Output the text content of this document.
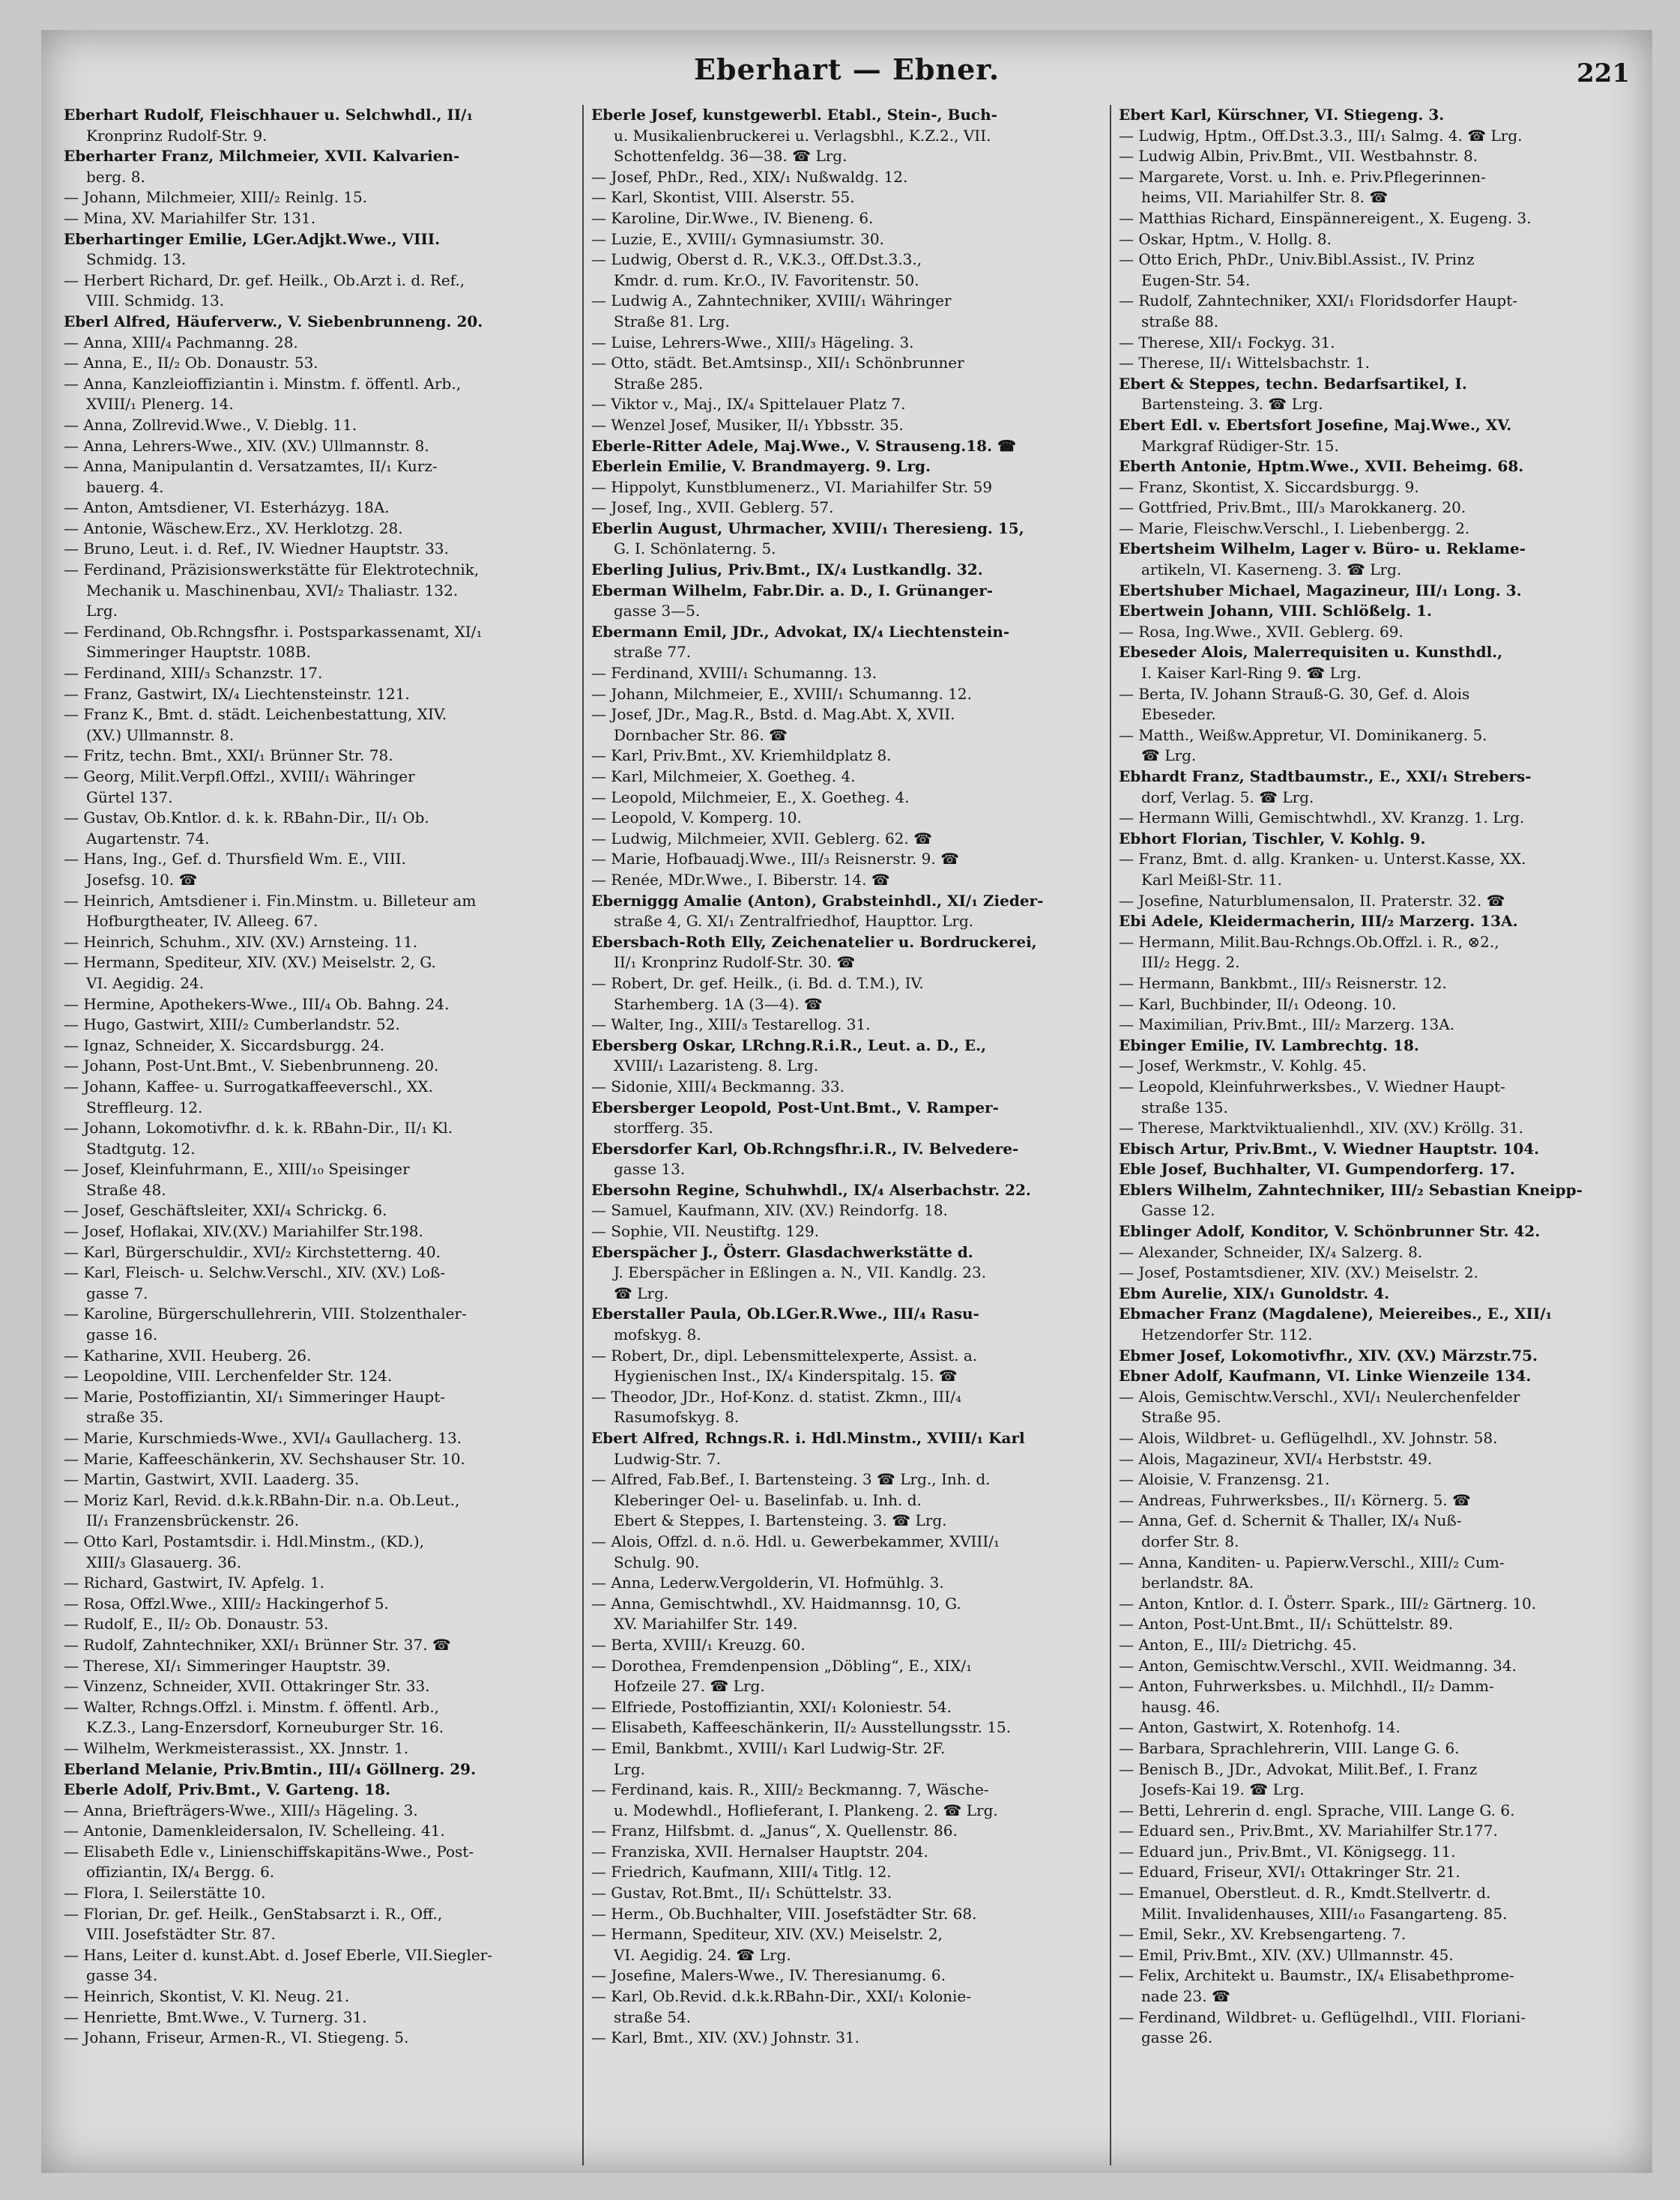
Eberhart — Ebner.	221
Eberhart Rudolf, Fleischhauer u. Selchwhdl., II/₁
Kronprinz Rudolf-Str. 9.
Eberharter Franz, Milchmeier, XVII. Kalvarien-
berg. 8.
— Johann, Milchmeier, XIII/₂ Reinlg. 15.
— Mina, XV. Mariahilfer Str. 131.
Eberhartinger Emilie, LGer.Adjkt.Wwe., VIII.
Schmidg. 13.
— Herbert Richard, Dr. gef. Heilk., Ob.Arzt i. d. Ref.,
VIII. Schmidg. 13.
Eberl Alfred, Häuferverw., V. Siebenbrunneng. 20.
— Anna, XIII/₄ Pachmanng. 28.
— Anna, E., II/₂ Ob. Donaustr. 53.
— Anna, Kanzleioffiziantin i. Minstm. f. öffentl. Arb.,
XVIII/₁ Plenerg. 14.
— Anna, Zollrevid.Wwe., V. Dieblg. 11.
— Anna, Lehrers-Wwe., XIV. (XV.) Ullmannstr. 8.
— Anna, Manipulantin d. Versatzamtes, II/₁ Kurz-
bauerg. 4.
— Anton, Amtsdiener, VI. Esterházyg. 18A.
— Antonie, Wäschew.Erz., XV. Herklotzg. 28.
— Bruno, Leut. i. d. Ref., IV. Wiedner Hauptstr. 33.
— Ferdinand, Präzisionswerkstätte für Elektrotechnik,
Mechanik u. Maschinenbau, XVI/₂ Thaliastr. 132.
Lrg.
— Ferdinand, Ob.Rchngsfhr. i. Postsparkassenamt, XI/₁
Simmeringer Hauptstr. 108B.
— Ferdinand, XIII/₃ Schanzstr. 17.
— Franz, Gastwirt, IX/₄ Liechtensteinstr. 121.
— Franz K., Bmt. d. städt. Leichenbestattung, XIV.
(XV.) Ullmannstr. 8.
— Fritz, techn. Bmt., XXI/₁ Brünner Str. 78.
— Georg, Milit.Verpfl.Offzl., XVIII/₁ Währinger
Gürtel 137.
— Gustav, Ob.Kntlor. d. k. k. RBahn-Dir., II/₁ Ob.
Augartenstr. 74.
— Hans, Ing., Gef. d. Thursfield Wm. E., VIII.
Josefsg. 10. ☎
— Heinrich, Amtsdiener i. Fin.Minstm. u. Billeteur am
Hofburgtheater, IV. Alleeg. 67.
— Heinrich, Schuhm., XIV. (XV.) Arnsteing. 11.
— Hermann, Spediteur, XIV. (XV.) Meiselstr. 2, G.
VI. Aegidig. 24.
— Hermine, Apothekers-Wwe., III/₄ Ob. Bahng. 24.
— Hugo, Gastwirt, XIII/₂ Cumberlandstr. 52.
— Ignaz, Schneider, X. Siccardsburgg. 24.
— Johann, Post-Unt.Bmt., V. Siebenbrunneng. 20.
— Johann, Kaffee- u. Surrogatkaffeeverschl., XX.
Streffleurg. 12.
— Johann, Lokomotivfhr. d. k. k. RBahn-Dir., II/₁ Kl.
Stadtgutg. 12.
— Josef, Kleinfuhrmann, E., XIII/₁₀ Speisinger
Straße 48.
— Josef, Geschäftsleiter, XXI/₄ Schrickg. 6.
— Josef, Hoflakai, XIV.(XV.) Mariahilfer Str.198.
— Karl, Bürgerschuldir., XVI/₂ Kirchstetterng. 40.
— Karl, Fleisch- u. Selchw.Verschl., XIV. (XV.) Loß-
gasse 7.
— Karoline, Bürgerschullehrerin, VIII. Stolzenthaler-
gasse 16.
— Katharine, XVII. Heuberg. 26.
— Leopoldine, VIII. Lerchenfelder Str. 124.
— Marie, Postoffiziantin, XI/₁ Simmeringer Haupt-
straße 35.
— Marie, Kurschmieds-Wwe., XVI/₄ Gaullacherg. 13.
— Marie, Kaffeeschänkerin, XV. Sechshauser Str. 10.
— Martin, Gastwirt, XVII. Laaderg. 35.
— Moriz Karl, Revid. d.k.k.RBahn-Dir. n.a. Ob.Leut.,
II/₁ Franzensbrückenstr. 26.
— Otto Karl, Postamtsdir. i. Hdl.Minstm., (KD.),
XIII/₃ Glasauerg. 36.
— Richard, Gastwirt, IV. Apfelg. 1.
— Rosa, Offzl.Wwe., XIII/₂ Hackingerhof 5.
— Rudolf, E., II/₂ Ob. Donaustr. 53.
— Rudolf, Zahntechniker, XXI/₁ Brünner Str. 37. ☎
— Therese, XI/₁ Simmeringer Hauptstr. 39.
— Vinzenz, Schneider, XVII. Ottakringer Str. 33.
— Walter, Rchngs.Offzl. i. Minstm. f. öffentl. Arb.,
K.Z.3., Lang-Enzersdorf, Korneuburger Str. 16.
— Wilhelm, Werkmeisterassist., XX. Jnnstr. 1.
Eberland Melanie, Priv.Bmtin., III/₄ Göllnerg. 29.
Eberle Adolf, Priv.Bmt., V. Garteng. 18.
— Anna, Briefträgers-Wwe., XIII/₃ Hägeling. 3.
— Antonie, Damenkleidersalon, IV. Schelleing. 41.
— Elisabeth Edle v., Linienschiffskapitäns-Wwe., Post-
offiziantin, IX/₄ Bergg. 6.
— Flora, I. Seilerstätte 10.
— Florian, Dr. gef. Heilk., GenStabsarzt i. R., Off.,
VIII. Josefstädter Str. 87.
— Hans, Leiter d. kunst.Abt. d. Josef Eberle, VII.Siegler-
gasse 34.
— Heinrich, Skontist, V. Kl. Neug. 21.
— Henriette, Bmt.Wwe., V. Turnerg. 31.
— Johann, Friseur, Armen-R., VI. Stiegeng. 5.
Eberle Josef, kunstgewerbl. Etabl., Stein-, Buch-
u. Musikalienbruckerei u. Verlagsbhl., K.Z.2., VII.
Schottenfeldg. 36—38. ☎ Lrg.
— Josef, PhDr., Red., XIX/₁ Nußwaldg. 12.
— Karl, Skontist, VIII. Alserstr. 55.
— Karoline, Dir.Wwe., IV. Bieneng. 6.
— Luzie, E., XVIII/₁ Gymnasiumstr. 30.
— Ludwig, Oberst d. R., V.K.3., Off.Dst.3.3.,
Kmdr. d. rum. Kr.O., IV. Favoritenstr. 50.
— Ludwig A., Zahntechniker, XVIII/₁ Währinger
Straße 81. Lrg.
— Luise, Lehrers-Wwe., XIII/₃ Hägeling. 3.
— Otto, städt. Bet.Amtsinsp., XII/₁ Schönbrunner
Straße 285.
— Viktor v., Maj., IX/₄ Spittelauer Platz 7.
— Wenzel Josef, Musiker, II/₁ Ybbsstr. 35.
Eberle-Ritter Adele, Maj.Wwe., V. Strauseng.18. ☎
Eberlein Emilie, V. Brandmayerg. 9. Lrg.
— Hippolyt, Kunstblumenerz., VI. Mariahilfer Str. 59
— Josef, Ing., XVII. Geblerg. 57.
Eberlin August, Uhrmacher, XVIII/₁ Theresieng. 15,
G. I. Schönlaterng. 5.
Eberling Julius, Priv.Bmt., IX/₄ Lustkandlg. 32.
Eberman Wilhelm, Fabr.Dir. a. D., I. Grünanger-
gasse 3—5.
Ebermann Emil, JDr., Advokat, IX/₄ Liechtenstein-
straße 77.
— Ferdinand, XVIII/₁ Schumanng. 13.
— Johann, Milchmeier, E., XVIII/₁ Schumanng. 12.
— Josef, JDr., Mag.R., Bstd. d. Mag.Abt. X, XVII.
Dornbacher Str. 86. ☎
— Karl, Priv.Bmt., XV. Kriemhildplatz 8.
— Karl, Milchmeier, X. Goetheg. 4.
— Leopold, Milchmeier, E., X. Goetheg. 4.
— Leopold, V. Komperg. 10.
— Ludwig, Milchmeier, XVII. Geblerg. 62. ☎
— Marie, Hofbauadj.Wwe., III/₃ Reisnerstr. 9. ☎
— Renée, MDr.Wwe., I. Biberstr. 14. ☎
Eberniggg Amalie (Anton), Grabsteinhdl., XI/₁ Zieder-
straße 4, G. XI/₁ Zentralfriedhof, Haupttor. Lrg.
Ebersbach-Roth Elly, Zeichenatelier u. Bordruckerei,
II/₁ Kronprinz Rudolf-Str. 30. ☎
— Robert, Dr. gef. Heilk., (i. Bd. d. T.M.), IV.
Starhemberg. 1A (3—4). ☎
— Walter, Ing., XIII/₃ Testarellog. 31.
Ebersberg Oskar, LRchng.R.i.R., Leut. a. D., E.,
XVIII/₁ Lazaristeng. 8. Lrg.
— Sidonie, XIII/₄ Beckmanng. 33.
Ebersberger Leopold, Post-Unt.Bmt., V. Ramper-
storfferg. 35.
Ebersdorfer Karl, Ob.Rchngsfhr.i.R., IV. Belvedere-
gasse 13.
Ebersohn Regine, Schuhwhdl., IX/₄ Alserbachstr. 22.
— Samuel, Kaufmann, XIV. (XV.) Reindorfg. 18.
— Sophie, VII. Neustiftg. 129.
Eberspächer J., Österr. Glasdachwerkstätte d.
J. Eberspächer in Eßlingen a. N., VII. Kandlg. 23.
☎ Lrg.
Eberstaller Paula, Ob.LGer.R.Wwe., III/₄ Rasu-
mofskyg. 8.
— Robert, Dr., dipl. Lebensmittelexperte, Assist. a.
Hygienischen Inst., IX/₄ Kinderspitalg. 15. ☎
— Theodor, JDr., Hof-Konz. d. statist. Zkmn., III/₄
Rasumofskyg. 8.
Ebert Alfred, Rchngs.R. i. Hdl.Minstm., XVIII/₁ Karl
Ludwig-Str. 7.
— Alfred, Fab.Bef., I. Bartensteing. 3 ☎ Lrg., Inh. d.
Kleberinger Oel- u. Baselinfab. u. Inh. d.
Ebert & Steppes, I. Bartensteing. 3. ☎ Lrg.
— Alois, Offzl. d. n.ö. Hdl. u. Gewerbekammer, XVIII/₁
Schulg. 90.
— Anna, Lederw.Vergolderin, VI. Hofmühlg. 3.
— Anna, Gemischtwhdl., XV. Haidmannsg. 10, G.
XV. Mariahilfer Str. 149.
— Berta, XVIII/₁ Kreuzg. 60.
— Dorothea, Fremdenpension „Döbling“, E., XIX/₁
Hofzeile 27. ☎ Lrg.
— Elfriede, Postoffiziantin, XXI/₁ Koloniestr. 54.
— Elisabeth, Kaffeeschänkerin, II/₂ Ausstellungsstr. 15.
— Emil, Bankbmt., XVIII/₁ Karl Ludwig-Str. 2F.
Lrg.
— Ferdinand, kais. R., XIII/₂ Beckmanng. 7, Wäsche-
u. Modewhdl., Hoflieferant, I. Plankeng. 2. ☎ Lrg.
— Franz, Hilfsbmt. d. „Janus“, X. Quellenstr. 86.
— Franziska, XVII. Hernalser Hauptstr. 204.
— Friedrich, Kaufmann, XIII/₄ Titlg. 12.
— Gustav, Rot.Bmt., II/₁ Schüttelstr. 33.
— Herm., Ob.Buchhalter, VIII. Josefstädter Str. 68.
— Hermann, Spediteur, XIV. (XV.) Meiselstr. 2,
VI. Aegidig. 24. ☎ Lrg.
— Josefine, Malers-Wwe., IV. Theresianumg. 6.
— Karl, Ob.Revid. d.k.k.RBahn-Dir., XXI/₁ Kolonie-
straße 54.
— Karl, Bmt., XIV. (XV.) Johnstr. 31.
Ebert Karl, Kürschner, VI. Stiegeng. 3.
— Ludwig, Hptm., Off.Dst.3.3., III/₁ Salmg. 4. ☎ Lrg.
— Ludwig Albin, Priv.Bmt., VII. Westbahnstr. 8.
— Margarete, Vorst. u. Inh. e. Priv.Pflegerinnen-
heims, VII. Mariahilfer Str. 8. ☎
— Matthias Richard, Einspännereigent., X. Eugeng. 3.
— Oskar, Hptm., V. Hollg. 8.
— Otto Erich, PhDr., Univ.Bibl.Assist., IV. Prinz
Eugen-Str. 54.
— Rudolf, Zahntechniker, XXI/₁ Floridsdorfer Haupt-
straße 88.
— Therese, XII/₁ Fockyg. 31.
— Therese, II/₁ Wittelsbachstr. 1.
Ebert & Steppes, techn. Bedarfsartikel, I.
Bartensteing. 3. ☎ Lrg.
Ebert Edl. v. Ebertsfort Josefine, Maj.Wwe., XV.
Markgraf Rüdiger-Str. 15.
Eberth Antonie, Hptm.Wwe., XVII. Beheimg. 68.
— Franz, Skontist, X. Siccardsburgg. 9.
— Gottfried, Priv.Bmt., III/₃ Marokkanerg. 20.
— Marie, Fleischw.Verschl., I. Liebenbergg. 2.
Ebertsheim Wilhelm, Lager v. Büro- u. Reklame-
artikeln, VI. Kaserneng. 3. ☎ Lrg.
Ebertshuber Michael, Magazineur, III/₁ Long. 3.
Ebertwein Johann, VIII. Schlößelg. 1.
— Rosa, Ing.Wwe., XVII. Geblerg. 69.
Ebeseder Alois, Malerrequisiten u. Kunsthdl.,
I. Kaiser Karl-Ring 9. ☎ Lrg.
— Berta, IV. Johann Strauß-G. 30, Gef. d. Alois
Ebeseder.
— Matth., Weißw.Appretur, VI. Dominikanerg. 5.
☎ Lrg.
Ebhardt Franz, Stadtbaumstr., E., XXI/₁ Strebers-
dorf, Verlag. 5. ☎ Lrg.
— Hermann Willi, Gemischtwhdl., XV. Kranzg. 1. Lrg.
Ebhort Florian, Tischler, V. Kohlg. 9.
— Franz, Bmt. d. allg. Kranken- u. Unterst.Kasse, XX.
Karl Meißl-Str. 11.
— Josefine, Naturblumensalon, II. Praterstr. 32. ☎
Ebi Adele, Kleidermacherin, III/₂ Marzerg. 13A.
— Hermann, Milit.Bau-Rchngs.Ob.Offzl. i. R., ⊗2.,
III/₂ Hegg. 2.
— Hermann, Bankbmt., III/₃ Reisnerstr. 12.
— Karl, Buchbinder, II/₁ Odeong. 10.
— Maximilian, Priv.Bmt., III/₂ Marzerg. 13A.
Ebinger Emilie, IV. Lambrechtg. 18.
— Josef, Werkmstr., V. Kohlg. 45.
— Leopold, Kleinfuhrwerksbes., V. Wiedner Haupt-
straße 135.
— Therese, Marktviktualienhdl., XIV. (XV.) Kröllg. 31.
Ebisch Artur, Priv.Bmt., V. Wiedner Hauptstr. 104.
Eble Josef, Buchhalter, VI. Gumpendorferg. 17.
Eblers Wilhelm, Zahntechniker, III/₂ Sebastian Kneipp-
Gasse 12.
Eblinger Adolf, Konditor, V. Schönbrunner Str. 42.
— Alexander, Schneider, IX/₄ Salzerg. 8.
— Josef, Postamtsdiener, XIV. (XV.) Meiselstr. 2.
Ebm Aurelie, XIX/₁ Gunoldstr. 4.
Ebmacher Franz (Magdalene), Meiereibes., E., XII/₁
Hetzendorfer Str. 112.
Ebmer Josef, Lokomotivfhr., XIV. (XV.) Märzstr.75.
Ebner Adolf, Kaufmann, VI. Linke Wienzeile 134.
— Alois, Gemischtw.Verschl., XVI/₁ Neulerchenfelder
Straße 95.
— Alois, Wildbret- u. Geflügelhdl., XV. Johnstr. 58.
— Alois, Magazineur, XVI/₄ Herbststr. 49.
— Aloisie, V. Franzensg. 21.
— Andreas, Fuhrwerksbes., II/₁ Körnerg. 5. ☎
— Anna, Gef. d. Schernit & Thaller, IX/₄ Nuß-
dorfer Str. 8.
— Anna, Kanditen- u. Papierw.Verschl., XIII/₂ Cum-
berlandstr. 8A.
— Anton, Kntlor. d. I. Österr. Spark., III/₂ Gärtnerg. 10.
— Anton, Post-Unt.Bmt., II/₁ Schüttelstr. 89.
— Anton, E., III/₂ Dietrichg. 45.
— Anton, Gemischtw.Verschl., XVII. Weidmanng. 34.
— Anton, Fuhrwerksbes. u. Milchhdl., II/₂ Damm-
hausg. 46.
— Anton, Gastwirt, X. Rotenhofg. 14.
— Barbara, Sprachlehrerin, VIII. Lange G. 6.
— Benisch B., JDr., Advokat, Milit.Bef., I. Franz
Josefs-Kai 19. ☎ Lrg.
— Betti, Lehrerin d. engl. Sprache, VIII. Lange G. 6.
— Eduard sen., Priv.Bmt., XV. Mariahilfer Str.177.
— Eduard jun., Priv.Bmt., VI. Königsegg. 11.
— Eduard, Friseur, XVI/₁ Ottakringer Str. 21.
— Emanuel, Oberstleut. d. R., Kmdt.Stellvertr. d.
Milit. Invalidenhauses, XIII/₁₀ Fasangarteng. 85.
— Emil, Sekr., XV. Krebsengarteng. 7.
— Emil, Priv.Bmt., XIV. (XV.) Ullmannstr. 45.
— Felix, Architekt u. Baumstr., IX/₄ Elisabethprome-
nade 23. ☎
— Ferdinand, Wildbret- u. Geflügelhdl., VIII. Floriani-
gasse 26.
